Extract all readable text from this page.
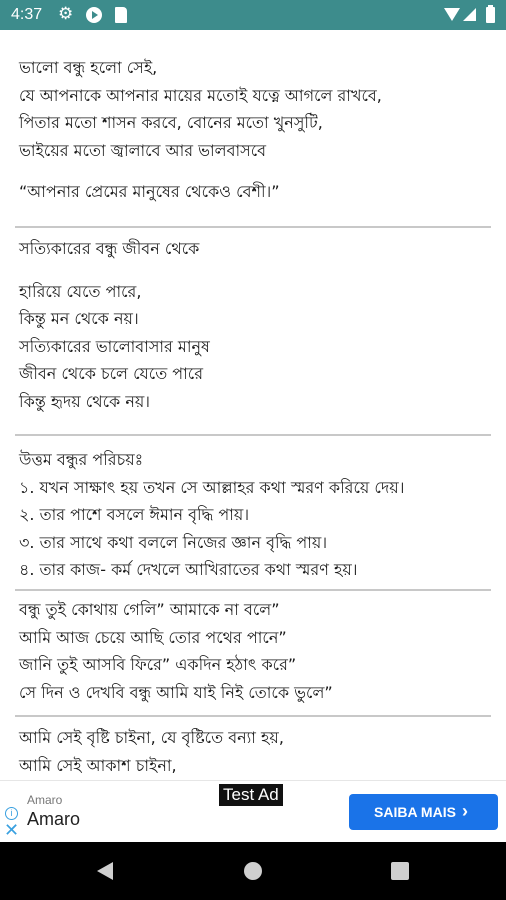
4:37 ⚙
ভালো বন্ধু হলো সেই,
যে আপনাকে আপনার মায়ের মতোই যত্নে আগলে রাখবে,
পিতার মতো শাসন করবে, বোনের মতো খুনসুটি,
ভাইয়ের মতো জ্বালাবে আর ভালবাসবে
“আপনার প্রেমের মানুষের থেকেও বেশী।”
সত্যিকারের বন্ধু জীবন থেকে
হারিয়ে যেতে পারে,
কিন্তু মন থেকে নয়।
সত্যিকারের ভালোবাসার মানুষ
জীবন থেকে চলে যেতে পারে
কিন্তু হৃদয় থেকে নয়।
উত্তম বন্ধুর পরিচয়ঃ
১. যখন সাক্ষাৎ হয় তখন সে আল্লাহর কথা স্মরণ করিয়ে দেয়।
২. তার পাশে বসলে ঈমান বৃদ্ধি পায়।
৩. তার সাথে কথা বললে নিজের জ্ঞান বৃদ্ধি পায়।
৪. তার কাজ- কর্ম দেখলে আখিরাতের কথা স্মরণ হয়।
বন্ধু তুই কোথায় গেলি” আমাকে না বলে”
আমি আজ চেয়ে আছি তোর পথের পানে”
জানি তুই আসবি ফিরে” একদিন হঠাৎ করে”
সে দিন ও দেখবি বন্ধু আমি যাই নিই তোকে ভুলে”
আমি সেই বৃষ্টি চাইনা, যে বৃষ্টিতে বন্যা হয়,
আমি সেই আকাশ চাইনা,
Test Ad
i
✕
Amaro
Amaro	SAIBA MAIS ›
